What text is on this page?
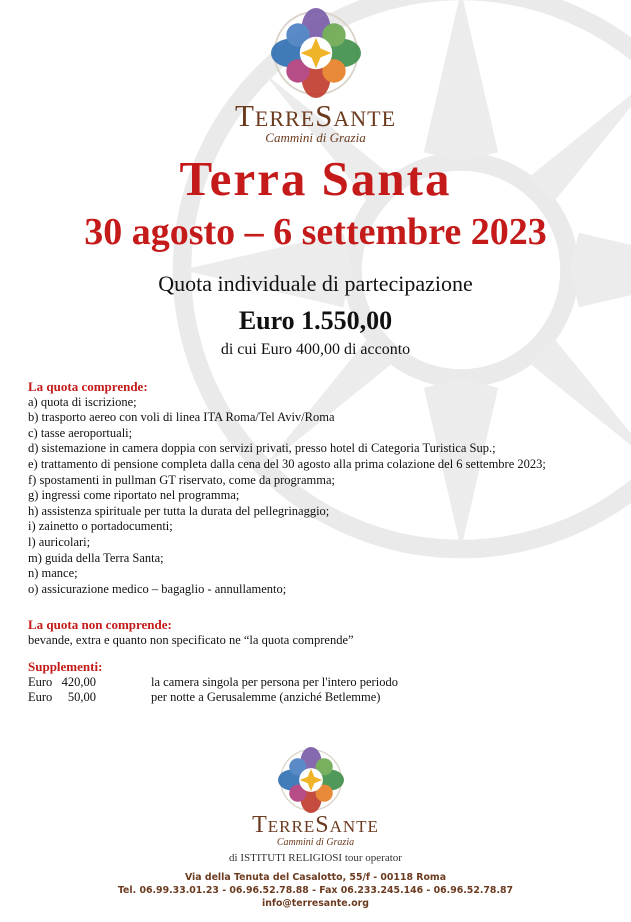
TerreSante
Cammini di Grazia
Terra Santa
30 agosto – 6 settembre 2023
Quota individuale di partecipazione
Euro 1.550,00
di cui Euro 400,00 di acconto
La quota comprende:
a) quota di iscrizione;
b) trasporto aereo con voli di linea ITA Roma/Tel Aviv/Roma
c) tasse aeroportuali;
d) sistemazione in camera doppia con servizi privati, presso hotel di Categoria Turistica Sup.;
e) trattamento di pensione completa dalla cena del 30 agosto alla prima colazione del 6 settembre 2023;
f) spostamenti in pullman GT riservato, come da programma;
g) ingressi come riportato nel programma;
h) assistenza spirituale per tutta la durata del pellegrinaggio;
i) zainetto o portadocumenti;
l) auricolari;
m) guida della Terra Santa;
n) mance;
o) assicurazione medico – bagaglio - annullamento;
La quota non comprende:
bevande, extra e quanto non specificato ne “la quota comprende”
Supplementi:
Euro   420,00	la camera singola per persona per l'intero periodo
Euro     50,00	per notte a Gerusalemme (anziché Betlemme)
TerreSante
Cammini di Grazia
di ISTITUTI RELIGIOSI tour operator
Via della Tenuta del Casalotto, 55/f - 00118 Roma
Tel. 06.99.33.01.23 - 06.96.52.78.88 - Fax 06.233.245.146 - 06.96.52.78.87
info@terresante.org
